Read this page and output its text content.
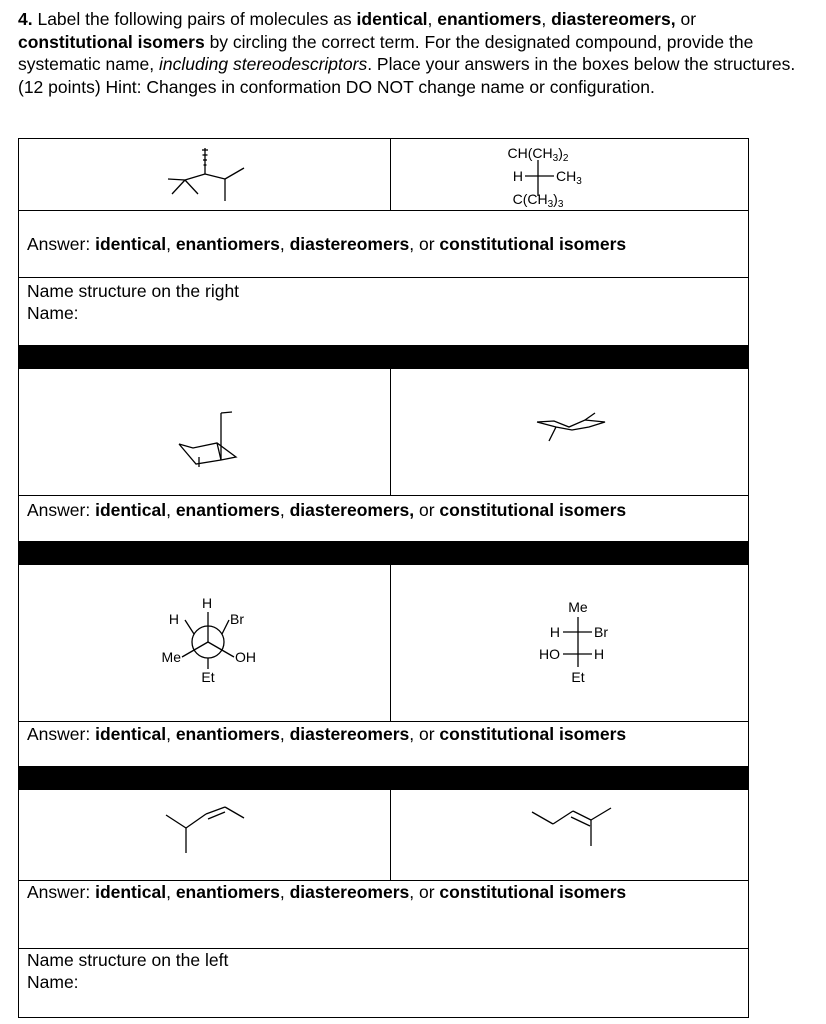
4. Label the following pairs of molecules as identical, enantiomers, diastereomers, or constitutional isomers by circling the correct term. For the designated compound, provide the systematic name, including stereodescriptors. Place your answers in the boxes below the structures. (12 points) Hint: Changes in conformation DO NOT change name or configuration.
$CH(CH_3)_2$
H $CH_3$
$C(CH_3)_3$
Answer: identical, enantiomers, diastereomers, or constitutional isomers
Name structure on the right
Name:
Answer: identical, enantiomers, diastereomers, or constitutional isomers
H
H	Br
Me	OH
Et
Me
H Br
HO H
Et
Answer: identical, enantiomers, diastereomers, or constitutional isomers
Answer: identical, enantiomers, diastereomers, or constitutional isomers
Name structure on the left
Name:
